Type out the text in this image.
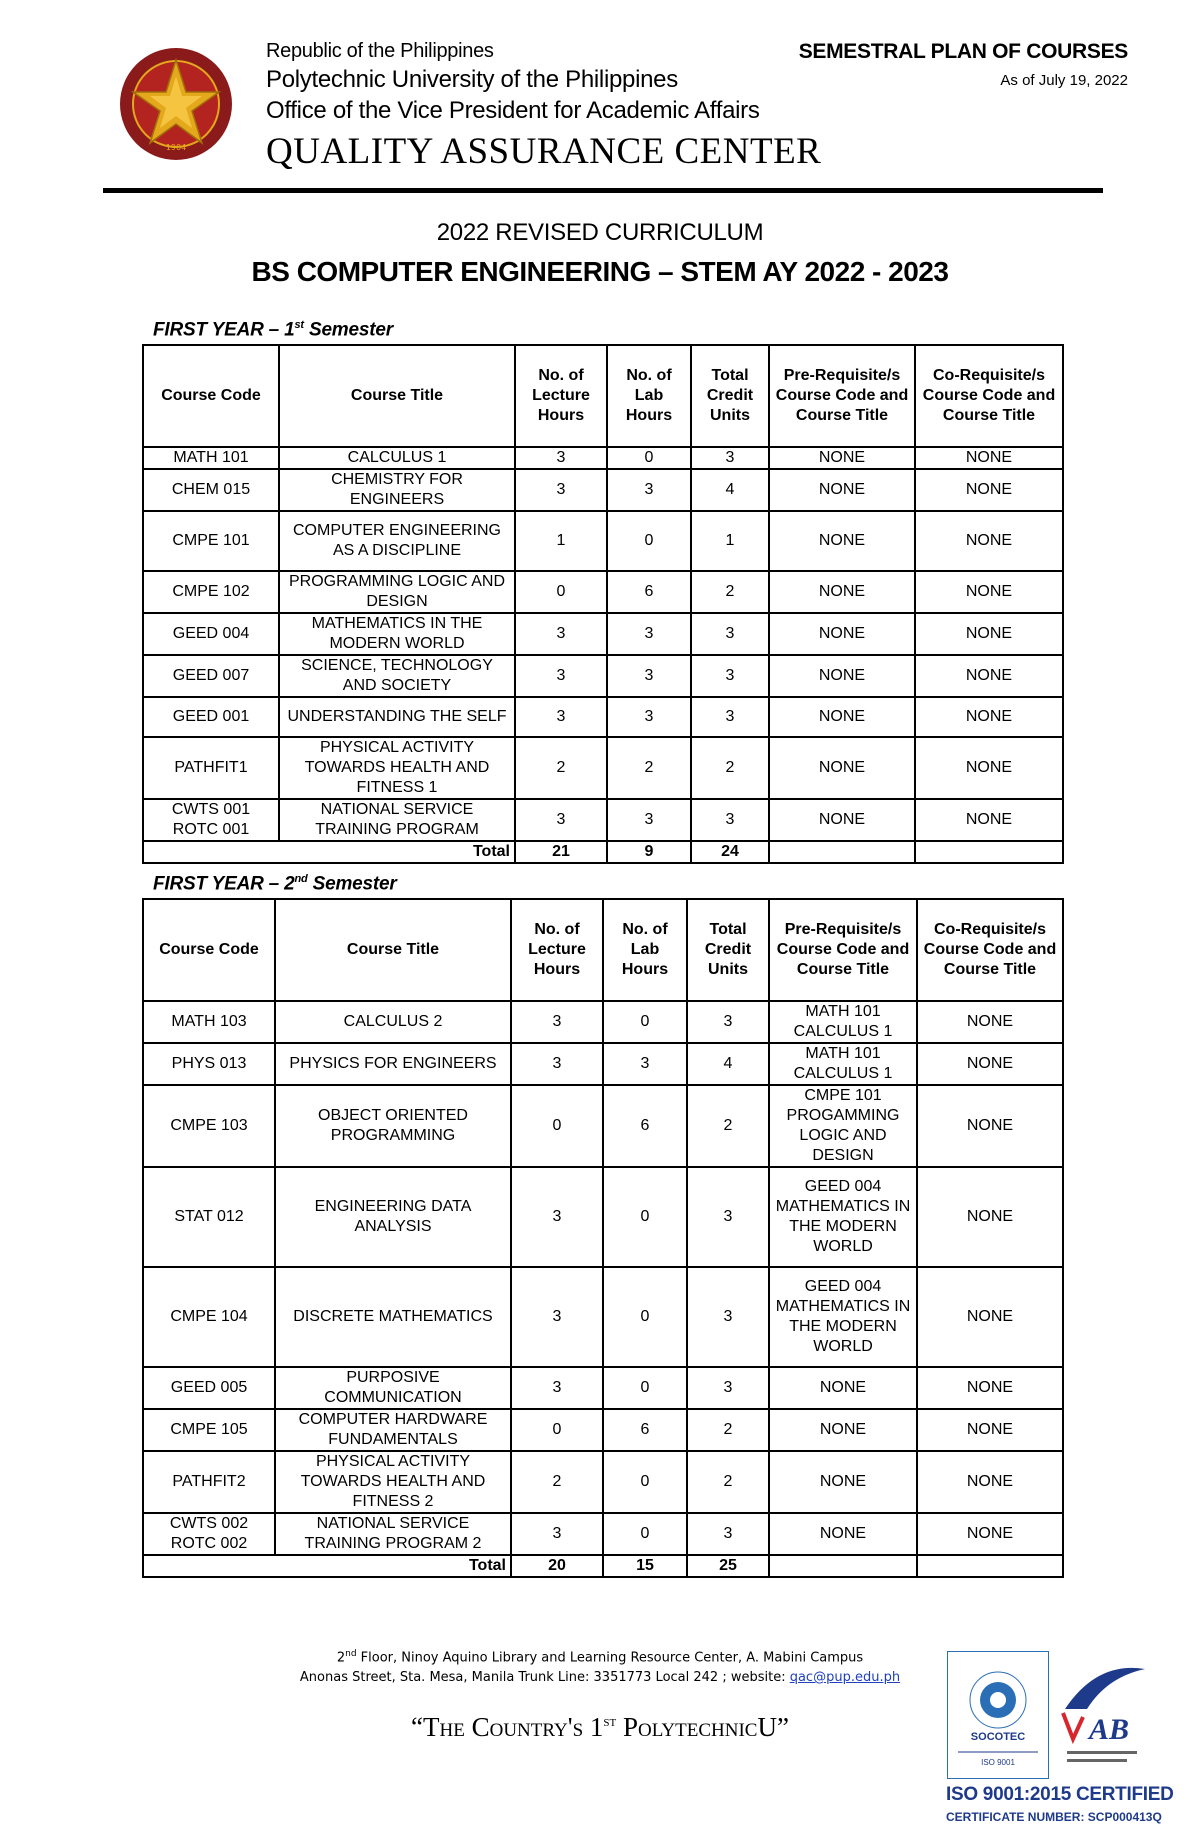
1904
Republic of the Philippines
Polytechnic University of the Philippines
Office of the Vice President for Academic Affairs
QUALITY ASSURANCE CENTER
SEMESTRAL PLAN OF COURSES
As of July 19, 2022
2022 REVISED CURRICULUM
BS COMPUTER ENGINEERING – STEM AY 2022 - 2023
FIRST YEAR – 1st Semester
Course Code	Course Title	No. of Lecture Hours	No. of Lab Hours	Total Credit Units	Pre-Requisite/s Course Code and Course Title	Co-Requisite/s Course Code and Course Title
MATH 101	CALCULUS 1	3	0	3	NONE	NONE
CHEM 015	CHEMISTRY FOR ENGINEERS	3	3	4	NONE	NONE
CMPE 101	COMPUTER ENGINEERING AS A DISCIPLINE	1	0	1	NONE	NONE
CMPE 102	PROGRAMMING LOGIC AND DESIGN	0	6	2	NONE	NONE
GEED 004	MATHEMATICS IN THE MODERN WORLD	3	3	3	NONE	NONE
GEED 007	SCIENCE, TECHNOLOGY AND SOCIETY	3	3	3	NONE	NONE
GEED 001	UNDERSTANDING THE SELF	3	3	3	NONE	NONE
PATHFIT1	PHYSICAL ACTIVITY TOWARDS HEALTH AND FITNESS 1	2	2	2	NONE	NONE
CWTS 001 ROTC 001	NATIONAL SERVICE TRAINING PROGRAM	3	3	3	NONE	NONE
Total		21	9	24		
FIRST YEAR – 2nd Semester
Course Code	Course Title	No. of Lecture Hours	No. of Lab Hours	Total Credit Units	Pre-Requisite/s Course Code and Course Title	Co-Requisite/s Course Code and Course Title
MATH 103	CALCULUS 2	3	0	3	MATH 101 CALCULUS 1	NONE
PHYS 013	PHYSICS FOR ENGINEERS	3	3	4	MATH 101 CALCULUS 1	NONE
CMPE 103	OBJECT ORIENTED PROGRAMMING	0	6	2	CMPE 101 PROGAMMING LOGIC AND DESIGN	NONE
STAT 012	ENGINEERING DATA ANALYSIS	3	0	3	GEED 004 MATHEMATICS IN THE MODERN WORLD	NONE
CMPE 104	DISCRETE MATHEMATICS	3	0	3	GEED 004 MATHEMATICS IN THE MODERN WORLD	NONE
GEED 005	PURPOSIVE COMMUNICATION	3	0	3	NONE	NONE
CMPE 105	COMPUTER HARDWARE FUNDAMENTALS	0	6	2	NONE	NONE
PATHFIT2	PHYSICAL ACTIVITY TOWARDS HEALTH AND FITNESS 2	2	0	2	NONE	NONE
CWTS 002 ROTC 002	NATIONAL SERVICE TRAINING PROGRAM 2	3	0	3	NONE	NONE
Total		20	15	25		
2nd Floor, Ninoy Aquino Library and Learning Resource Center, A. Mabini Campus
Anonas Street, Sta. Mesa, Manila Trunk Line: 3351773 Local 242 ; website: qac@pup.edu.ph
“The Country's 1st PolytechnicU”	SOCOTEC
ISO 9001
AB
ISO 9001:2015 CERTIFIED
CERTIFICATE NUMBER: SCP000413Q
